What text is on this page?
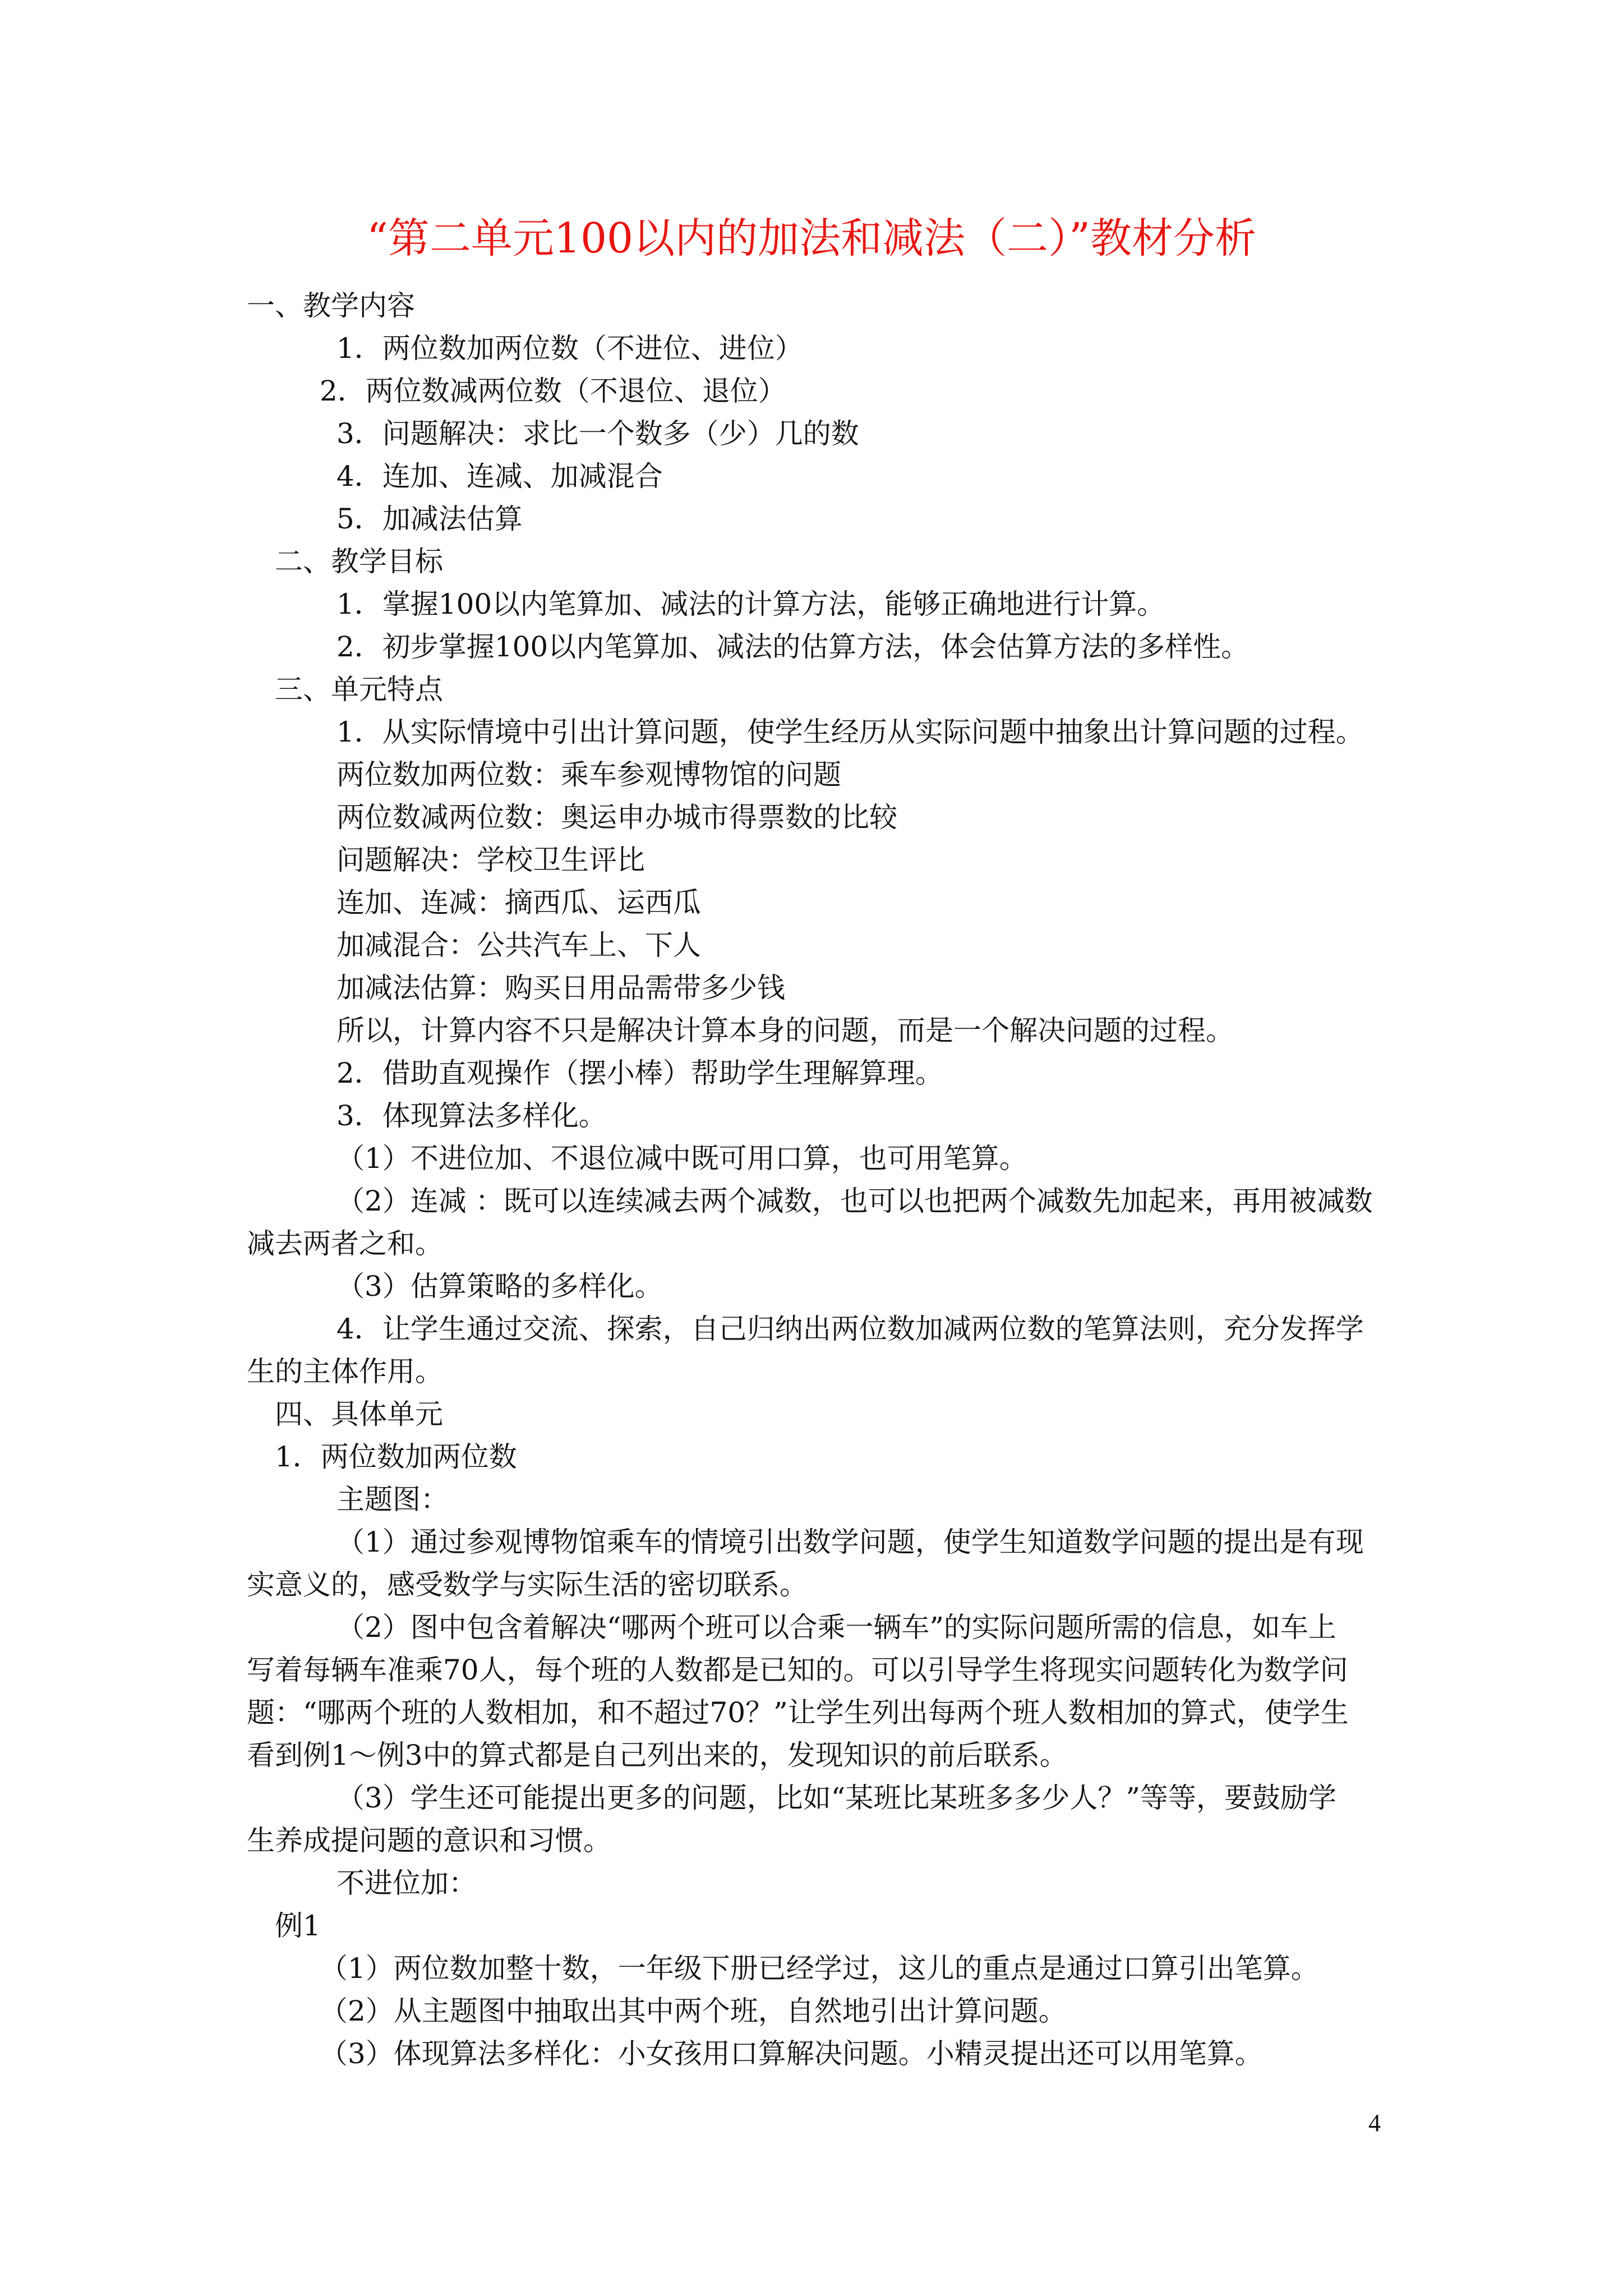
“第二单元100以内的加法和减法（二）”教材分析

一、教学内容

1．两位数加两位数（不进位、进位）

2．两位数减两位数（不退位、退位）

3．问题解决：求比一个数多（少）几的数

4．连加、连减、加减混合

5．加减法估算

二、教学目标

1．掌握100以内笔算加、减法的计算方法，能够正确地进行计算。

2．初步掌握100以内笔算加、减法的估算方法，体会估算方法的多样性。

三、单元特点

1．从实际情境中引出计算问题，使学生经历从实际问题中抽象出计算问题的过程。

两位数加两位数：乘车参观博物馆的问题

两位数减两位数：奥运申办城市得票数的比较

问题解决：学校卫生评比

连加、连减：摘西瓜、运西瓜

加减混合：公共汽车上、下人

加减法估算：购买日用品需带多少钱

所以，计算内容不只是解决计算本身的问题，而是一个解决问题的过程。

2．借助直观操作（摆小棒）帮助学生理解算理。

3．体现算法多样化。

（1）不进位加、不退位减中既可用口算，也可用笔算。

（2）连减 ：既可以连续减去两个减数，也可以也把两个减数先加起来，再用被减数

减去两者之和。

（3）估算策略的多样化。

4．让学生通过交流、探索，自己归纳出两位数加减两位数的笔算法则，充分发挥学

生的主体作用。

四、具体单元

1．两位数加两位数

主题图：

（1）通过参观博物馆乘车的情境引出数学问题，使学生知道数学问题的提出是有现

实意义的，感受数学与实际生活的密切联系。

（2）图中包含着解决“哪两个班可以合乘一辆车”的实际问题所需的信息，如车上

写着每辆车准乘70人，每个班的人数都是已知的。可以引导学生将现实问题转化为数学问

题：“哪两个班的人数相加，和不超过70？”让学生列出每两个班人数相加的算式，使学生

看到例1～例3中的算式都是自己列出来的，发现知识的前后联系。

（3）学生还可能提出更多的问题，比如“某班比某班多多少人？”等等，要鼓励学

生养成提问题的意识和习惯。

不进位加：

例1

（1）两位数加整十数，一年级下册已经学过，这儿的重点是通过口算引出笔算。

（2）从主题图中抽取出其中两个班，自然地引出计算问题。

（3）体现算法多样化：小女孩用口算解决问题。小精灵提出还可以用笔算。

4
